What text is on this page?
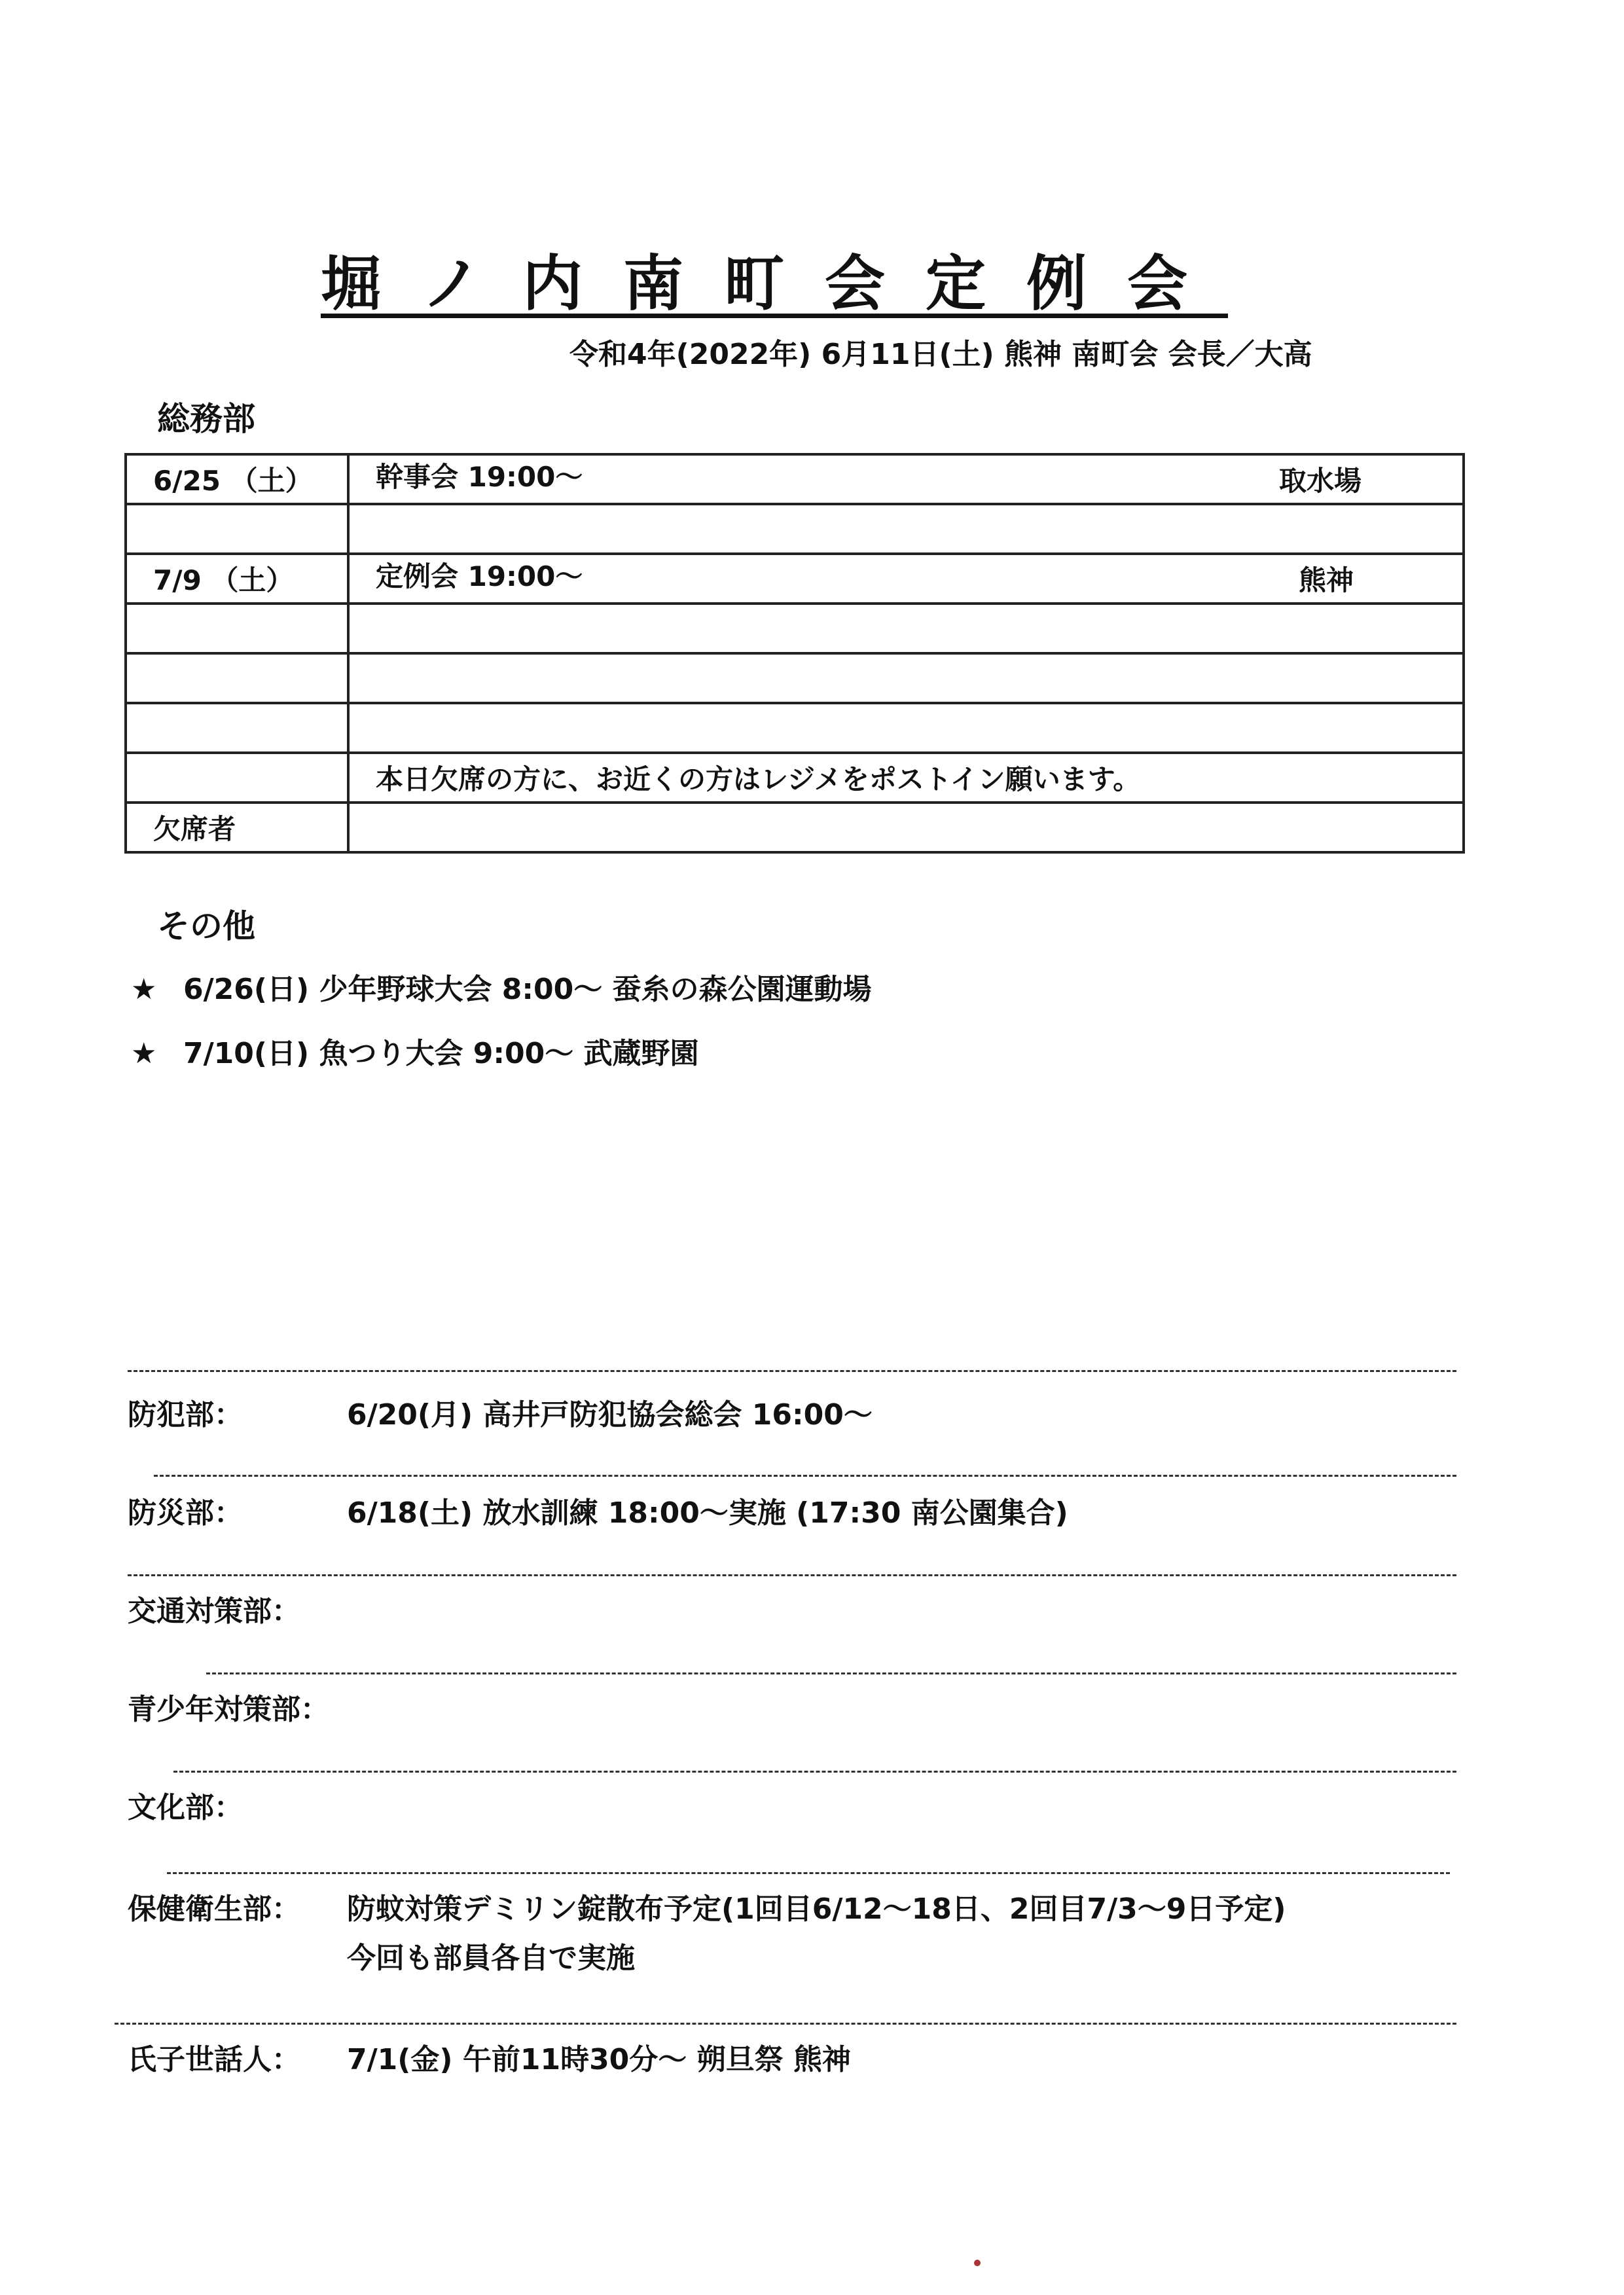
堀ノ内南町会定例会
令和4年(2022年) 6月11日(土) 熊神 南町会 会長／大高
総務部
6/25 （土）	幹事会 19:00～ 取水場

7/9 （土）	定例会 19:00～ 熊神

	本日欠席の方に、お近くの方はレジメをポストイン願います。
欠席者	
その他
★ 6/26(日) 少年野球大会 8:00～ 蚕糸の森公園運動場
★ 7/10(日) 魚つり大会 9:00～ 武蔵野園
防犯部：	6/20(月) 高井戸防犯協会総会 16:00～
防災部：	6/18(土) 放水訓練 18:00～実施 (17:30 南公園集合)
交通対策部：
青少年対策部：
文化部：
保健衛生部： 防蚊対策デミリン錠散布予定(1回目6/12～18日、2回目7/3～9日予定)
今回も部員各自で実施
氏子世話人： 7/1(金) 午前11時30分～ 朔旦祭 熊神
